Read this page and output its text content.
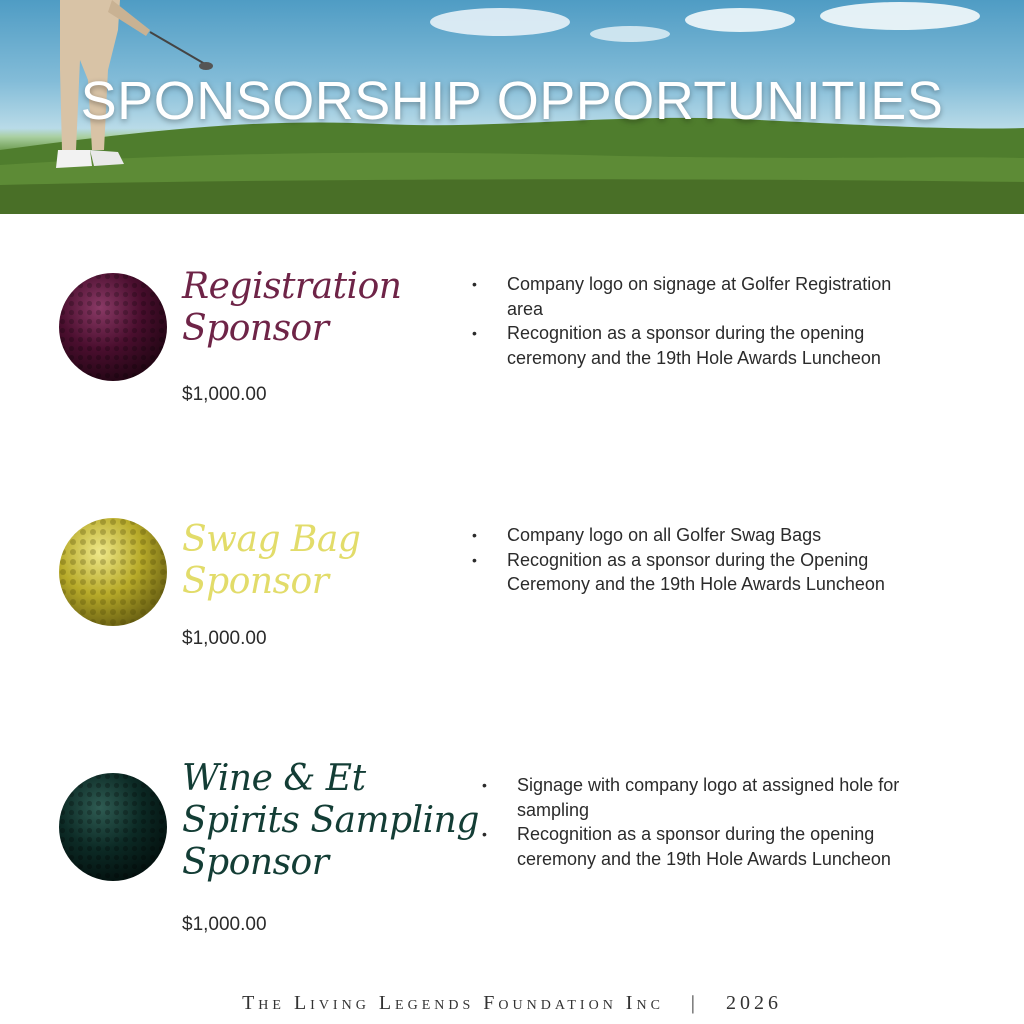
SPONSORSHIP OPPORTUNITIES
Registration
Sponsor
$1,000.00
• Company logo on signage at Golfer Registration area
• Recognition as a sponsor during the opening ceremony and the 19th Hole Awards Luncheon
Swag Bag
Sponsor
$1,000.00
• Company logo on all Golfer Swag Bags
• Recognition as a sponsor during the Opening Ceremony and the 19th Hole Awards Luncheon
Wine & Et
Spirits Sampling
Sponsor
$1,000.00
• Signage with company logo at assigned hole for sampling
• Recognition as a sponsor during the opening ceremony and the 19th Hole Awards Luncheon
The Living Legends Foundation Inc | 2026
